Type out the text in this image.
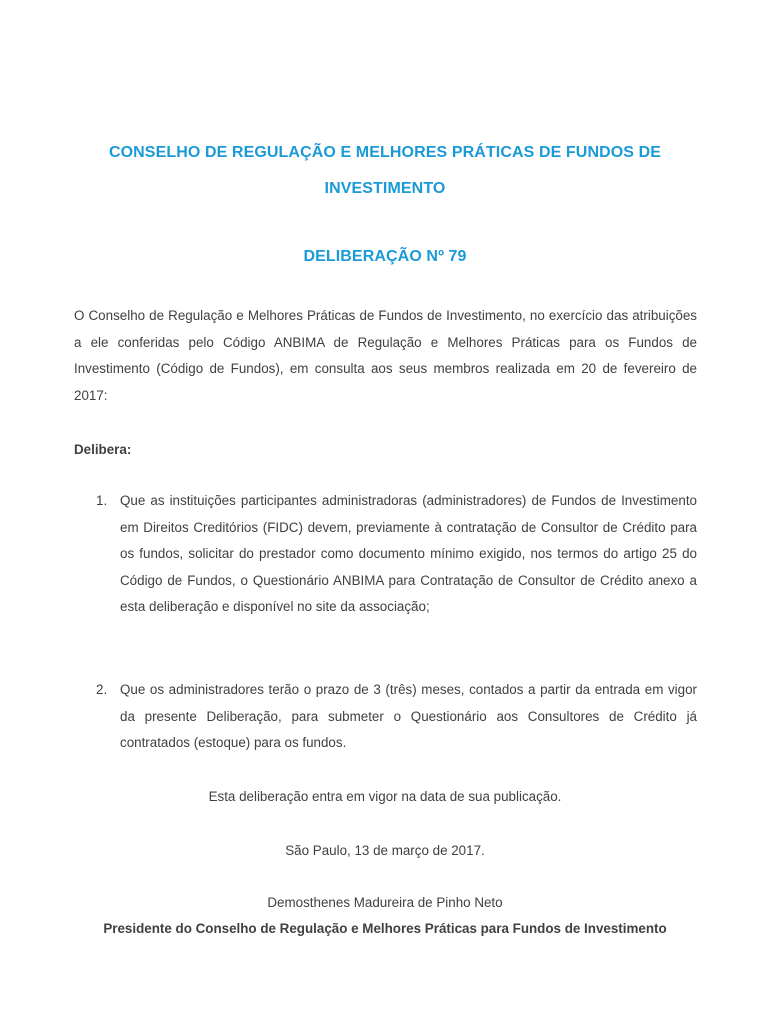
CONSELHO DE REGULAÇÃO E MELHORES PRÁTICAS DE FUNDOS DE INVESTIMENTO
DELIBERAÇÃO Nº 79
O Conselho de Regulação e Melhores Práticas de Fundos de Investimento, no exercício das atribuições a ele conferidas pelo Código ANBIMA de Regulação e Melhores Práticas para os Fundos de Investimento (Código de Fundos), em consulta aos seus membros realizada em 20 de fevereiro de 2017:
Delibera:
1. Que as instituições participantes administradoras (administradores) de Fundos de Investimento em Direitos Creditórios (FIDC) devem, previamente à contratação de Consultor de Crédito para os fundos, solicitar do prestador como documento mínimo exigido, nos termos do artigo 25 do Código de Fundos, o Questionário ANBIMA para Contratação de Consultor de Crédito anexo a esta deliberação e disponível no site da associação;
2. Que os administradores terão o prazo de 3 (três) meses, contados a partir da entrada em vigor da presente Deliberação, para submeter o Questionário aos Consultores de Crédito já contratados (estoque) para os fundos.
Esta deliberação entra em vigor na data de sua publicação.
São Paulo, 13 de março de 2017.
Demosthenes Madureira de Pinho Neto
Presidente do Conselho de Regulação e Melhores Práticas para Fundos de Investimento
